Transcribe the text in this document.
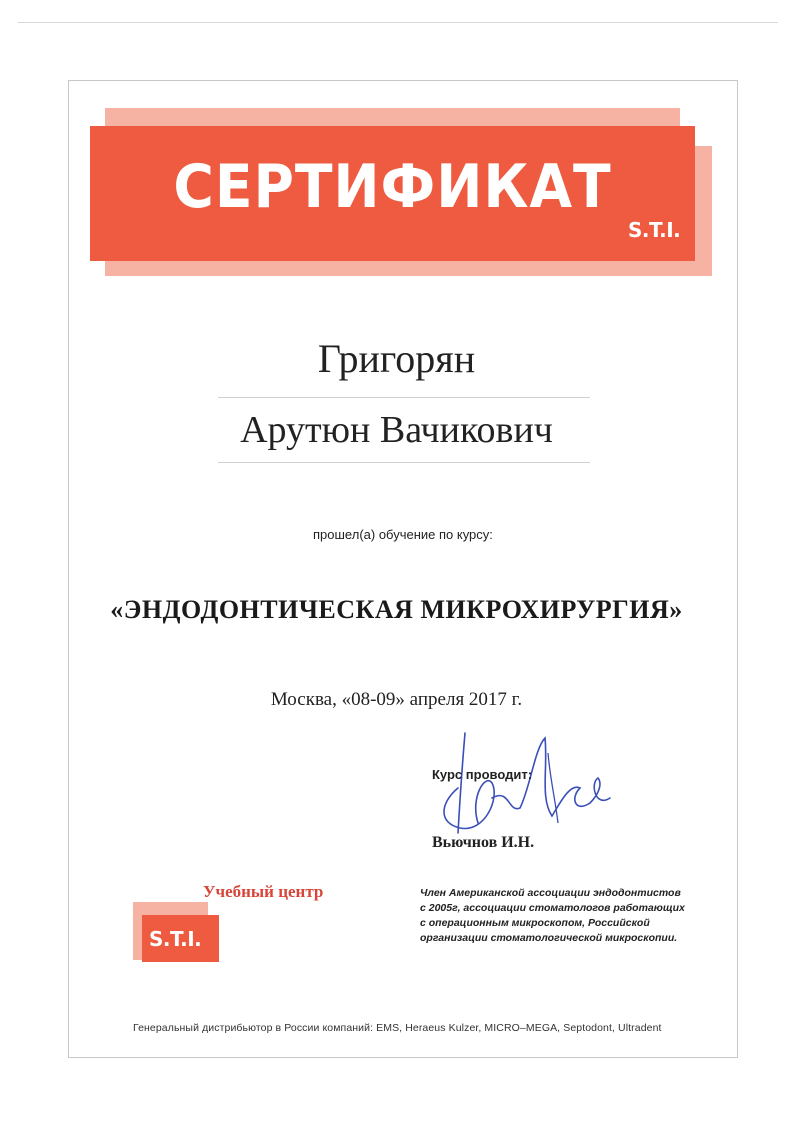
СЕРТИФИКАТ
S.T.I.
Григорян
Арутюн Вачикович
прошел(а) обучение по курсу:
«ЭНДОДОНТИЧЕСКАЯ МИКРОХИРУРГИЯ»
Москва, «08-09» апреля 2017 г.
Курс проводит:
Вьючнов И.Н.
Учебный центр
S.T.I.
Член Американской ассоциации эндодонтистов
с 2005г, ассоциации стоматологов работающих
с операционным микроскопом, Российской
организации стоматологической микроскопии.
Генеральный дистрибьютор в России компаний: EMS, Heraeus Kulzer, MICRO–MEGA, Septodont, Ultradent
